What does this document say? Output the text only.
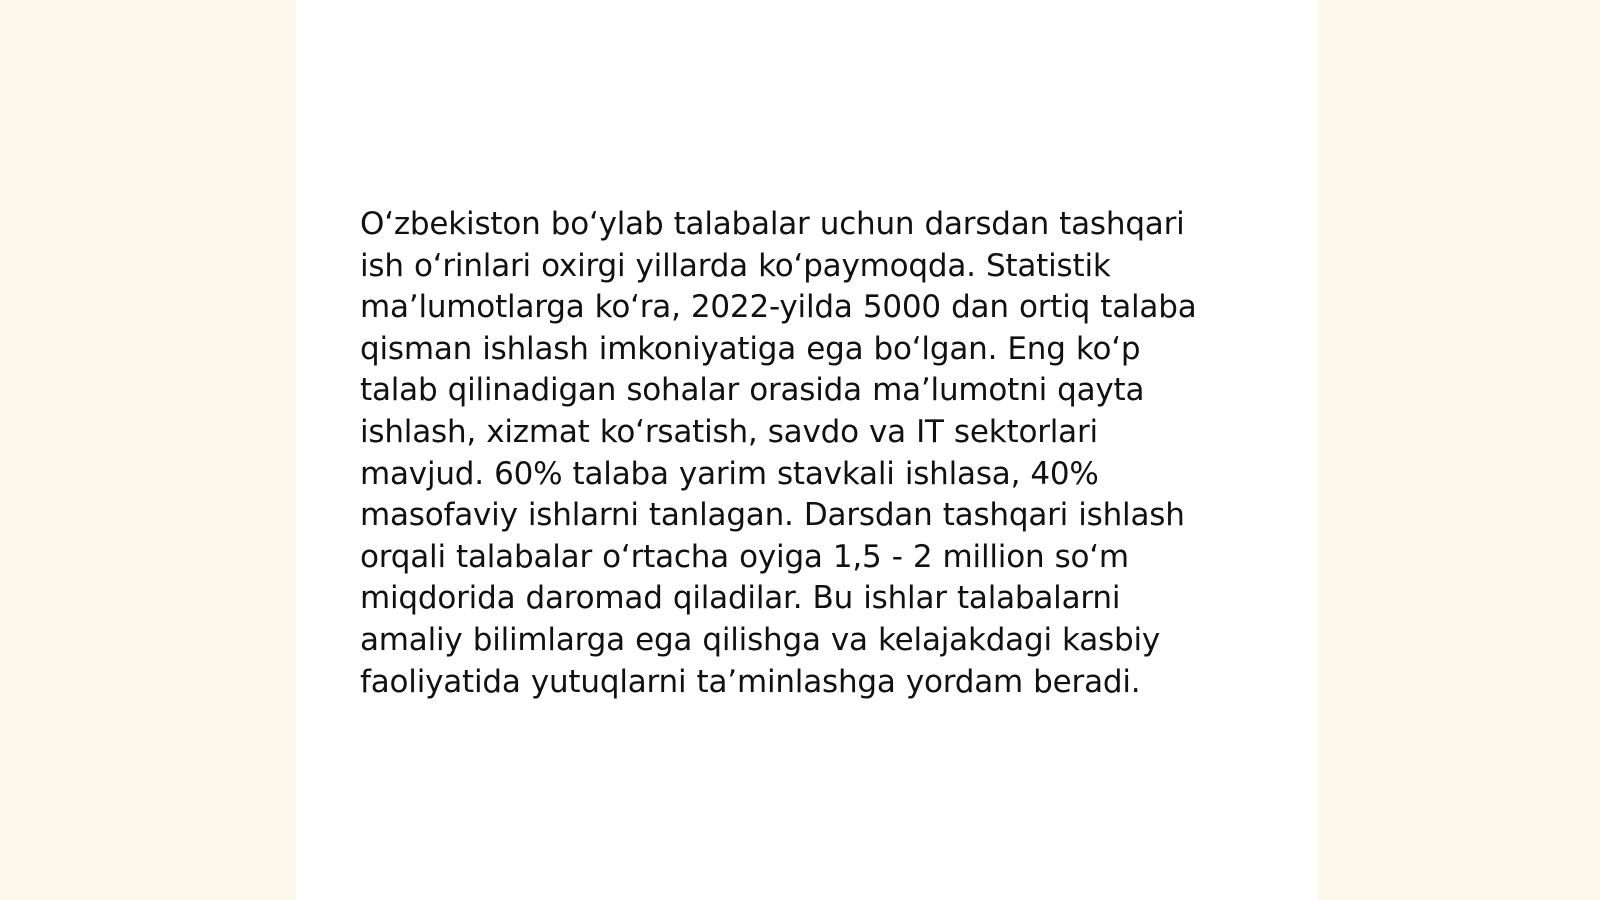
Oʻzbekiston boʻylab talabalar uchun darsdan tashqari
ish oʻrinlari oxirgi yillarda koʻpaymoqda. Statistik
maʼlumotlarga koʻra, 2022-yilda 5000 dan ortiq talaba
qisman ishlash imkoniyatiga ega boʻlgan. Eng koʻp
talab qilinadigan sohalar orasida maʼlumotni qayta
ishlash, xizmat koʻrsatish, savdo va IT sektorlari
mavjud. 60% talaba yarim stavkali ishlasa, 40%
masofaviy ishlarni tanlagan. Darsdan tashqari ishlash
orqali talabalar oʻrtacha oyiga 1,5 - 2 million soʻm
miqdorida daromad qiladilar. Bu ishlar talabalarni
amaliy bilimlarga ega qilishga va kelajakdagi kasbiy
faoliyatida yutuqlarni taʼminlashga yordam beradi.
